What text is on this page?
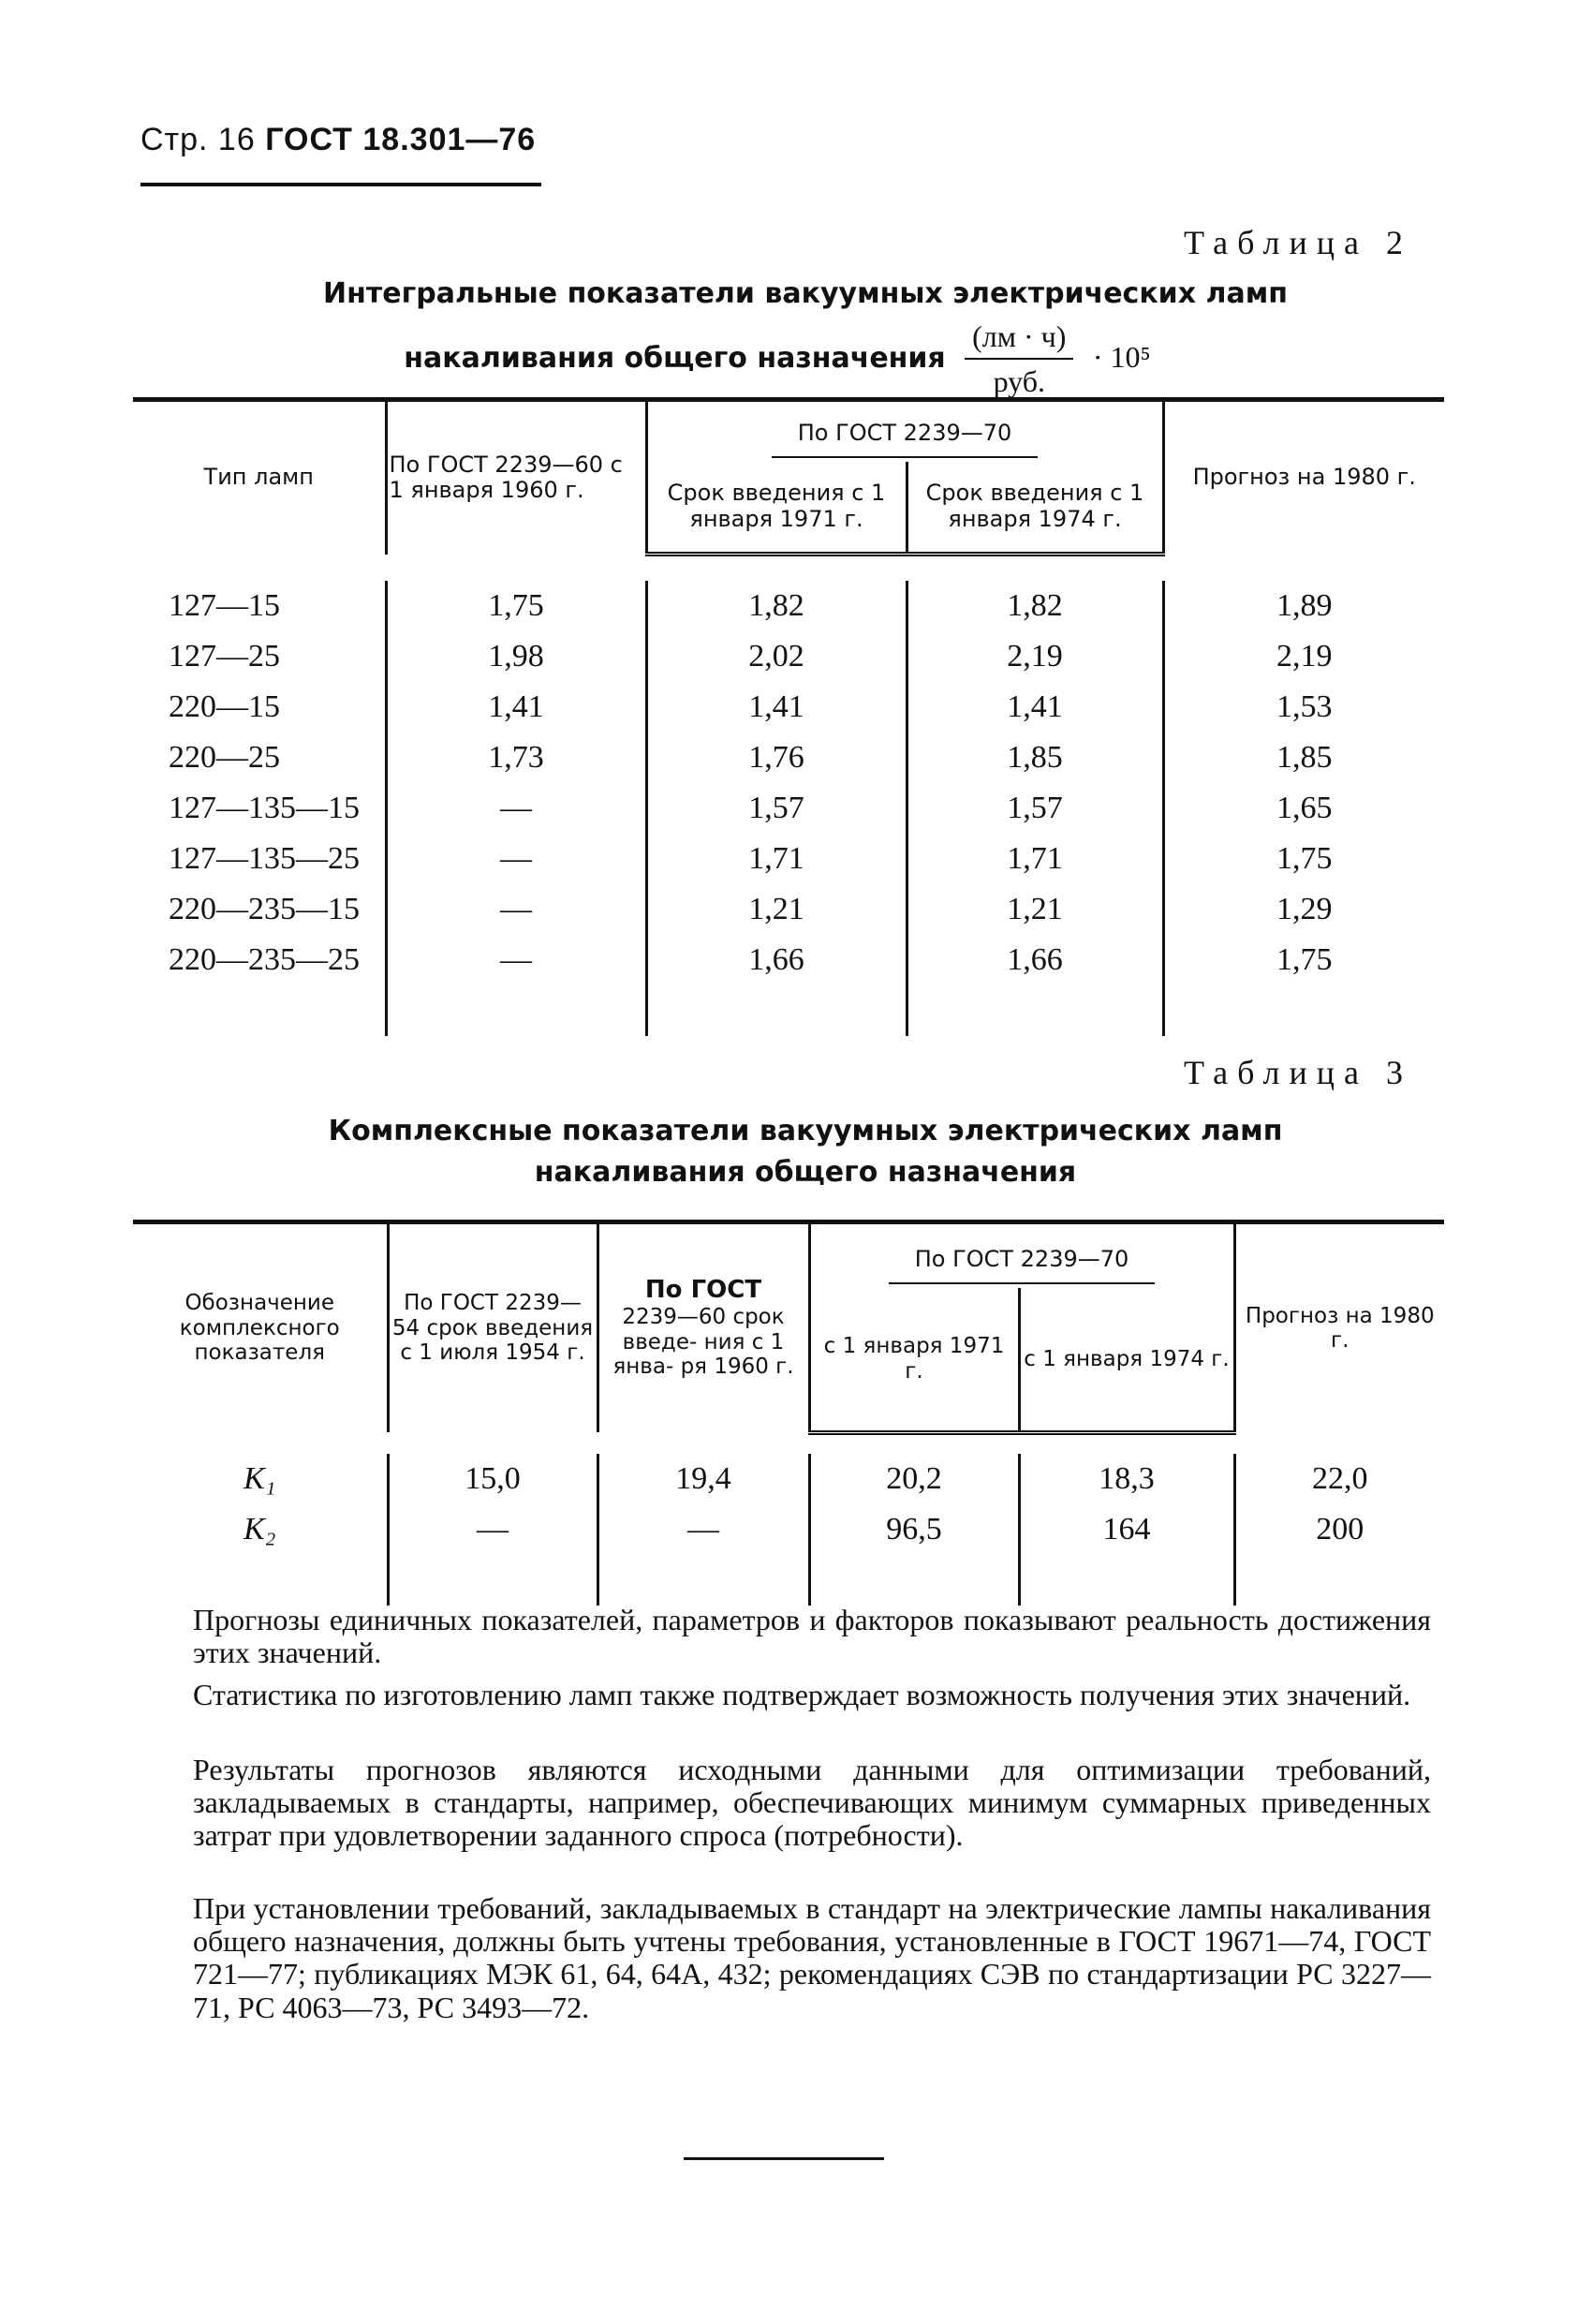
Стр. 16 ГОСТ 18.301—76
Таблица 2
Интегральные показатели вакуумных электрических ламп
накаливания общего назначения $\frac{(лм \cdot ч)}{\text{руб.}} \cdot 10^5$
Тип ламп	По ГОСТ 2239—60 с 1 января 1960 г.	По ГОСТ 2239—70		Прогноз на 1980 г.
		Срок введения с 1 января 1971 г.	Срок введения с 1 января 1974 г.	

127—15	1,75	1,82	1,82	1,89
127—25	1,98	2,02	2,19	2,19
220—15	1,41	1,41	1,41	1,53
220—25	1,73	1,76	1,85	1,85
127—135—15	—	1,57	1,57	1,65
127—135—25	—	1,71	1,71	1,75
220—235—15	—	1,21	1,21	1,29
220—235—25	—	1,66	1,66	1,75

Таблица 3
Комплексные показатели вакуумных электрических ламп
накаливания общего назначения
Обозначение комплексного показателя	По ГОСТ 2239—54 срок введения с 1 июля 1954 г.	По ГОСТ
2239—60 срок введе- ния с 1 янва- ря 1960 г.	По ГОСТ 2239—70		Прогноз на 1980 г.
			с 1 января 1971 г.	с 1 января 1974 г.	

K₁	15,0	19,4	20,2	18,3	22,0
K₂	—	—	96,5	164	200

Прогнозы единичных показателей, параметров и факторов показывают реальность достижения этих значений.

Статистика по изготовлению ламп также подтверждает возможность получения этих значений.

Результаты прогнозов являются исходными данными для оптимизации требований, закладываемых в стандарты, например, обеспечивающих минимум суммарных приведенных затрат при удовлетворении заданного спроса (потребности).

При установлении требований, закладываемых в стандарт на электрические лампы накаливания общего назначения, должны быть учтены требования, установленные в ГОСТ 19671—74, ГОСТ 721—77; публикациях МЭК 61, 64, 64А, 432; рекомендациях СЭВ по стандартизации РС 3227—71, РС 4063—73, РС 3493—72.
